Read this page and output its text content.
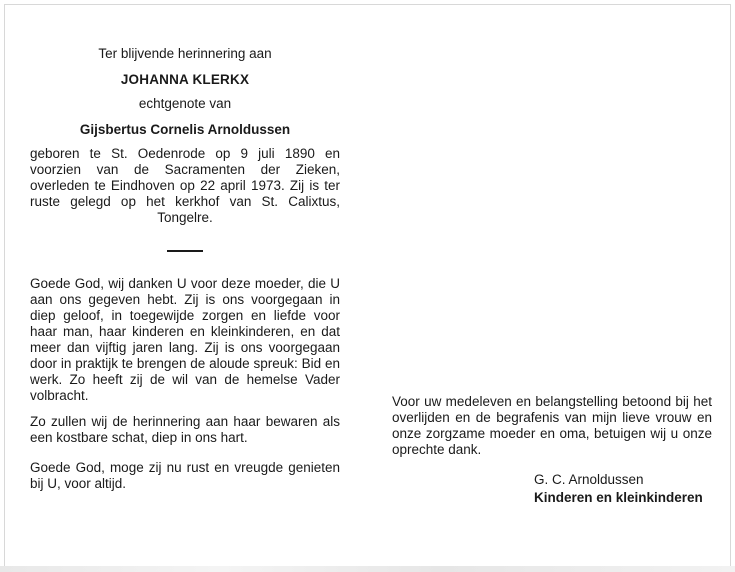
Ter blijvende herinnering aan

JOHANNA KLERKX

echtgenote van

Gijsbertus Cornelis Arnoldussen

geboren te St. Oedenrode op 9 juli 1890 en voorzien van de Sacramenten der Zieken, overleden te Eindhoven op 22 april 1973. Zij is ter ruste gelegd op het kerkhof van St. Calixtus, Tongelre.

Goede God, wij danken U voor deze moeder, die U aan ons gegeven hebt. Zij is ons voorgegaan in diep geloof, in toegewijde zorgen en liefde voor haar man, haar kinderen en kleinkinderen, en dat meer dan vijftig jaren lang. Zij is ons voorgegaan door in praktijk te brengen de aloude spreuk: Bid en werk. Zo heeft zij de wil van de hemelse Vader volbracht.

Zo zullen wij de herinnering aan haar bewaren als een kostbare schat, diep in ons hart.

Goede God, moge zij nu rust en vreugde genieten bij U, voor altijd.

Voor uw medeleven en belangstelling betoond bij het overlijden en de begrafenis van mijn lieve vrouw en onze zorgzame moeder en oma, betuigen wij u onze oprechte dank.

G. C. Arnoldussen

Kinderen en kleinkinderen
